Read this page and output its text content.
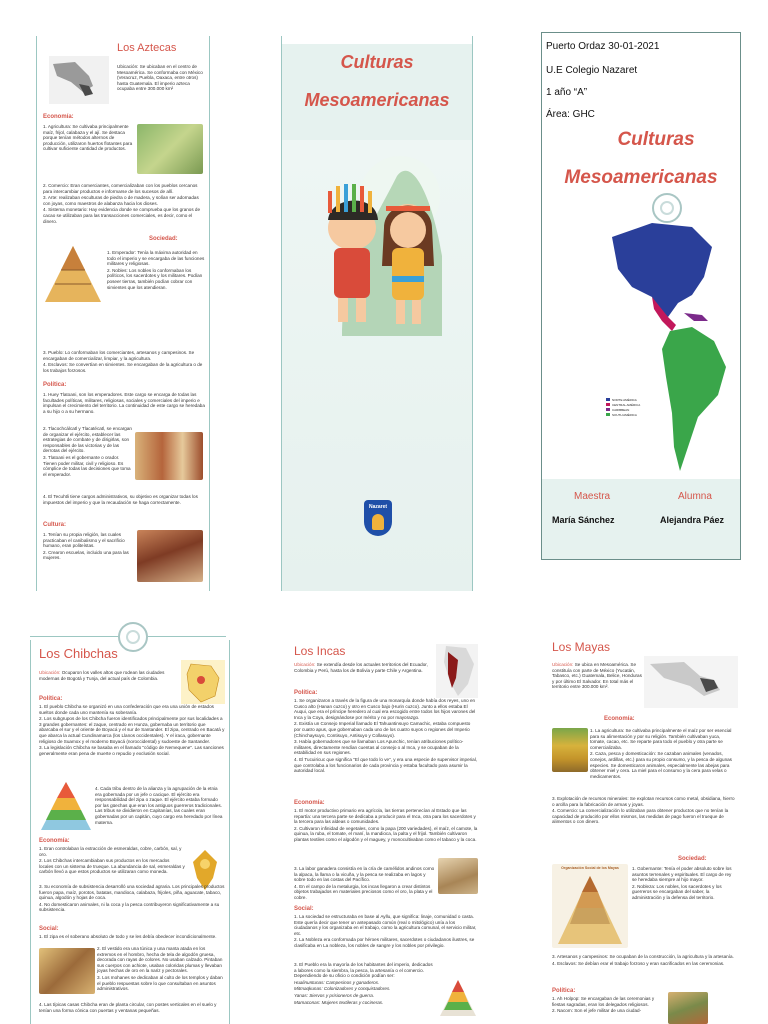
Los Aztecas
Ubicación: Se ubicaban en el centro de Mesoamérica. Se conformaba con México (Veracruz, Puebla, Oaxaca, entre otros) hasta Guatemala. El imperio azteca ocupaba entre 300.000 km²
Economía:

1. Agricultura: Se cultivaba principalmente maíz, frijol, calabaza y el ají. Se destaca porque tenían métodos alternos de producción, utilizaron huertos flotantes para cultivar suficiente cantidad de productos.

2. Comercio: Eran comerciantes, comercializaban con los pueblos cercanos para intercambiar productos e informarse de los sucesos de allí.

3. Arte: realizaban esculturas de piedra o de madera, y solían ser adornadas con joyas, como maestros de alabanza hacia los dioses.

4. Sistema monetario: Hay evidencia donde se comprueba que los granos de cacao se utilizaban para las transacciones comerciales, es decir, como el dinero.

Sociedad:

1. Emperador: Tenía la máxima autoridad en todo el imperio y se encargaba de las funciones militares y religiosas.

2. Nobles: Los nobles lo conformaban los políticos, los sacerdotes y los militares. Podían poseer tierras, también podían cobrar con sirvientes que los atendieran.

3. Pueblo: Lo conformaban los comerciantes, artesanos y campesinos. Se encargaban de comercializar, limpiar, y la agricultura.

4. Esclavos: Se convertían en sirvientes. Se encargaban de la agricultura o de los trabajos forzosos.

Política:

1. Huey Tlatoani, son los emperadores. Este cargo se encarga de todas las facultades políticas, militares, religiosas, sociales y comerciales del imperio e impulsan el crecimiento del territorio. La continuidad de este cargo se heredaba a su hijo o a su hermano.

2. Tlacochcálcatl y Tlacatécatl, se encargan de organizar el ejército, establecer las estrategias de combate y de dirigirlas, son responsables de las victorias y de las derrotas del ejército.

3. Tlatoani es el gobernante o orador. Tienen poder militar, civil y religioso. Es cómplice de todas las decisiones que toma el emperador.

4. El Tecuhtli tiene cargos administrativos, su objetivo es organizar todas los impuestos del imperio y que la recaudación se haga correctamente.

Cultura:

1. Tenían su propia religión, las cuales practicaban el canibalismo y el sacrificio humano, eran politeístas.

2. Crearon escuelas, incluido una para las mujeres.

Culturas
Mesoamericanas
Nazaret
Puerto Ordaz 30-01-2021
U.E Colegio Nazaret
1 año “A”
Área: GHC
Culturas
Mesoamericanas
NORTE AMÉRICA
CENTRAL AMÉRICA
CARIBBEAN
SOUTH AMÉRICA
Maestra	Alumna
María Sánchez	Alejandra Páez
Los Chibchas
Ubicación: Ocuparon los valles altos que rodean las ciudades modernas de Bogotá y Tunja, del actual país de Colombia.
Política:

1. El pueblo Chibcha se organizó en una confederación que era una unión de estados sueltos donde cada uno mantenía su soberanía.

2. Los subgrupos de los Chibcha fueron identificados principalmente por sus localidades a 3 grandes gobernantes: el zaque, centrado en Hunza, gobernaba un territorio que abarcaba el sur y el oriente de Boyacá y el sur de Santander. El zipa, centrado en Bacatá y que abarca la actual Cundinamarca (los Llanos occidentales). Y el iraca, gobernante religioso de Suamox y el moderno Boyacá (noroccidental) y sudoeste de Santander.

3. La legislación Chibcha se basaba en el llamado "código de Nemequene". Las sanciones generalmente eran pena de muerte o repudio y exclusión social.

4. Cada tribu dentro de la alianza y la agrupación de la etnia era gobernada por un jefe o cacique. El ejército era responsabilidad del zipa o zaque. El ejército estaba formado por las güechas que eran los antiguos guerreros tradicionales. Las tribus se dividieron en Capitanías, las cuales eran gobernadas por un capitán, cuyo cargo era heredado por línea materna.

Economía:

1. Eran controlaban la extracción de esmeraldas, cobre, carbón, sal, y oro.

2. Los Chibchas intercambiaban sus productos en los mercados locales con un sistema de trueque. La abundancia de sal, esmeraldas y carbón llevó a que estos productos se utilizaran como moneda.

3. Su economía de subsistencia desarrolló una sociedad agraria. Los principales productos fueron papa, maíz, porotos, batatas, mandioca, calabaza, frijoles, piña, aguacate, tabaco, quinua, algodón y hojas de coca.

4. No domesticaron animales, ni la coca y la pesca contribuyeron significativamente a su subsistencia.

Social:

1. El zipa es el soberano absoluto de todo y se les debía obedecer incondicionalmente.

2. El vestido era una túnica y una manta atada en los extremos en el hombro, hecha de tela de algodón gruesa, decorada con rayas de colores. No usaban calzado. Pintaban sus cuerpos con achiote, usaban coloridas plumas y llevaban joyas hechas de oro en la nariz y pectorales.

3. Los mohanes se dedicaban al culto de los templos y daban el pueblo respuestas sobre lo que consultaban en asuntos administrativos.

4. Las típicas casas Chibcha eran de planta circular, con postes verticales en el suelo y tenían una forma cónica con puertas y ventanas pequeñas.

Los Incas
Ubicación: Se extendía desde los actuales territorios del Ecuador, Colombia y Perú, hasta los de Bolivia y parte Chile y Argentina.
Política:

1. Se organizaron a través de la figura de una monarquía donde había dos reyes, uno en Cusco alto (Hanan cuzco) y otro en Cusco bajo (Hurin cuzco). Junto a ellos estaba El Auqui, que era el príncipe heredero al cual era escogido entre todos los hijos varones del Inca y la Coya, designándose por mérito y no por mayorazgo.

2. Existía un Consejo Imperial llamado El Tahuantinsuyo Camachic, estaba compuesto por cuatro apus, que gobernaban cada uno de los cuatro suyos o regiones del Imperio (Chinchaysuyo, Contisuyo, Antisuyo y Collasuyo).

3. Había gobernadores que se llamaban Los Apunchic, tenían atribuciones político-militares, directamente rendían cuentas al consejo o al Inca, y se ocupaban de la estabilidad en sus regiones.

4. El Tucuiricuc que significa "El que todo lo ve", y era una especie de supervisor imperial, que controlaba a los funcionarios de cada provincia y estaba facultado para asumir la autoridad local.

Economía:

1. El motor productivo primario era agrícola, las tierras pertenecían al Estado que las repartía: una tercera parte se dedicaba a producir para el Inca, otra para los sacerdotes y la tercera para las aldeas o comunidades.

2. Cultivaron infinidad de vegetales, como la papa (200 variedades), el maíz, el camote, la quinua, la ruba, el tomate, el maní, la mandioca, la palta y el frijol. También cultivaron plantas textiles como el algodón y el maguey, y monocultivaban como el tabaco y la coca.

3. La labor ganadera consistía en la cría de camélidos andinos como la alpaca, la llama o la vicuña, y la pesca se realizaba en lagos y sobre todo en las costas del Pacífico.

4. En el campo de la metalurgia, los incas llegaron a crear distintos objetos trabajados en materiales preciosos como el oro, la plata y el cobre.

Social:

1. La sociedad se estructuraba en base al Ayllu, que significa: linaje, comunidad o casta. Este quería decir que tener un antepasado común (real o mitológico) unía a los ciudadanos y los organizaba en el trabajo, como la agricultura comunal, el servicio militar, etc.

2. La Nobleza era conformada por héroes militares, sacerdotes o ciudadanos ilustres, se clasificaba en La nobleza, los nobles de sangre y los nobles por privilegio.

3. El Pueblo era la mayoría de los habitantes del imperio, dedicados a labores como la siembra, la pesca, la artesanía o el comercio. Dependiendo de su oficio o condición podían ser:

Hualinuntunas: Campesinos y ganaderos.

Mitmaqkunas: Colonizadores y conquistadores.

Yanas: Siervos y prisioneros de guerra.

Mamaconas: Mujeres textileras y cocineras.

Los Mayas
Ubicación: Se ubica en Mesoamérica. Se constituía con parte de México (Yucatán, Tabasco, etc.) Guatemala, Belice, Honduras y por último El Salvador. En total más el territorio entre 300.000 km².
Economía:

1. La agricultura: Se cultivaba principalmente el maíz por ser esencial para su alimentación y por su religión. También cultivaban yuca, tomate, cacao, etc. Se reparte para todo el pueblo y otra parte se comercializaba.

2. Caza, pesca y domesticación: Se cazaban animales (venados, conejos, ardillas, etc.) para su propio consumo, y la pesca de algunas especies. Se domesticaron animales, especialmente las abejas para obtener miel y cera. La miel para el consumo y la cera para velas o medicamentos.

3. Explotación de recursos minerales: Se explotan recursos como metal, obsidiana, hierro o arcilla para la fabricación de armas y joyas.

4. Comercio: La comercialización lo utilizaban para obtener productos que no tenían la capacidad de producirlo por ellos mismos, las medidas de pago fueron el trueque de alimentos o con dinero.

Sociedad:
Organización Social de los Mayas	1. Gobernante: Tenía el poder absoluto sobre los asuntos terrenales y espirituales. El cargo de rey se heredaba siempre al hijo mayor.

2. Nobleza: Los nobles, los sacerdotes y los guerreros se encargaban del saber, la administración y la defensa del territorio.

3. Artesanos y campesinos: Se ocupaban de la construcción, la agricultura y la artesanía.

4. Esclavos: Se debían erar el trabajo forzoso y eran sacrificados en las ceremonias.

Política:

1. Ah Holpop: Se encargaban de las ceremonias y fiestas sagradas, eran los delegados religiosos.

2. Nacom: Son el jefe militar de una ciudad-
